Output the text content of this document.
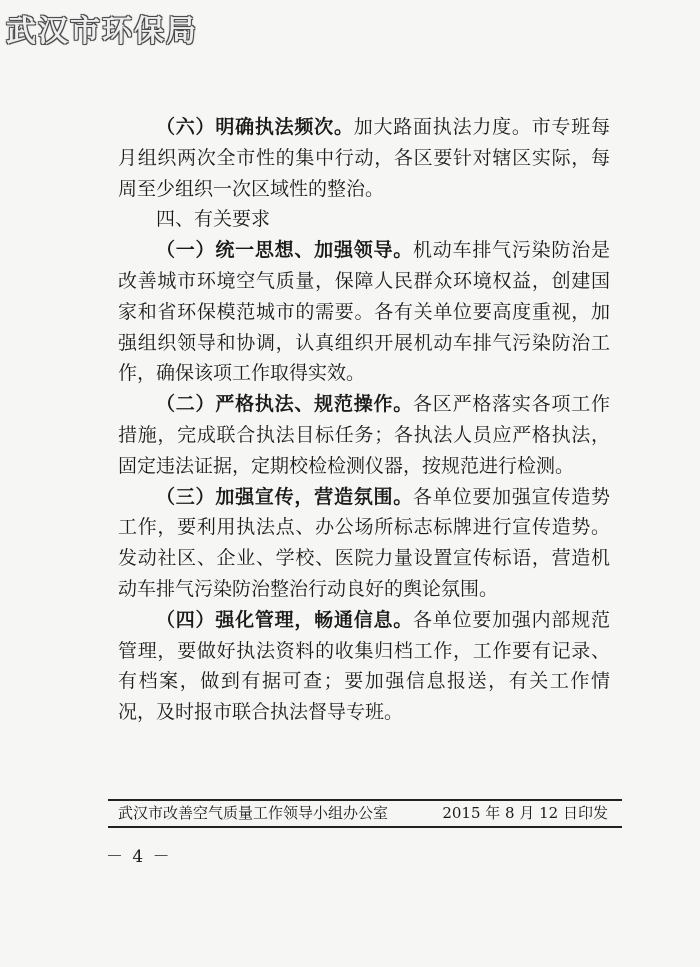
武汉市环保局

（六）明确执法频次。加大路面执法力度。市专班每月组织两次全市性的集中行动，各区要针对辖区实际，每周至少组织一次区域性的整治。

四、有关要求

（一）统一思想、加强领导。机动车排气污染防治是改善城市环境空气质量，保障人民群众环境权益，创建国家和省环保模范城市的需要。各有关单位要高度重视，加强组织领导和协调，认真组织开展机动车排气污染防治工作，确保该项工作取得实效。

（二）严格执法、规范操作。各区严格落实各项工作措施，完成联合执法目标任务；各执法人员应严格执法，固定违法证据，定期校检检测仪器，按规范进行检测。

（三）加强宣传，营造氛围。各单位要加强宣传造势工作，要利用执法点、办公场所标志标牌进行宣传造势。发动社区、企业、学校、医院力量设置宣传标语，营造机动车排气污染防治整治行动良好的舆论氛围。

（四）强化管理，畅通信息。各单位要加强内部规范管理，要做好执法资料的收集归档工作，工作要有记录、有档案，做到有据可查；要加强信息报送，有关工作情况，及时报市联合执法督导专班。

武汉市改善空气质量工作领导小组办公室	2015 年 8 月 12 日印发
－ 4 －
